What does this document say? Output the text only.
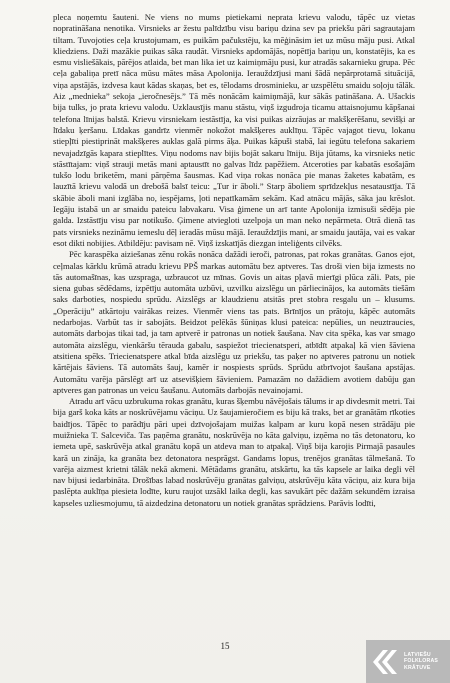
pleca noņemtu šauteni. Ne viens no mums pietiekami neprata krievu valodu, tāpēc uz vietas nopratināšana nenotika. Virsnieks ar žestu palīdzību visu bariņu dzina sev pa priekšu pāri sagrautajam tiltam. Tuvojoties ceļa krustojumam, es puikām pačukstēju, ka mēģināsim iet uz mūsu māju pusi. Atkal kliedziens. Daži mazākie puikas sāka raudāt. Virsnieks apdomājās, nopētīja bariņu un, konstatējis, ka es esmu visliešākais, pārējos atlaida, bet man lika iet uz kaimiņmāju pusi, kur atradās sakarnieku grupa. Pēc ceļa gabaliņa pretī nāca mūsu mātes māsa Apolonija. Ierauždzījusi mani šādā nepārprotamā situācijā, viņa apstājās, izdvesa kaut kādas skaņas, bet es, tēlodams drosminieku, ar uzspēlētu smaidu soļoju tālāk. Aiz „mednieka” sekoja „ieročnesējs.” Tā mēs nonācām kaimiņmājā, kur sākās patināšana. A. Ušackis bija tulks, jo prata krievu valodu. Uzklausījis manu stāstu, viņš izgudroja ticamu attaisnojumu kāpšanai telefona līnijas balstā. Krievu virsniekam iestāstīja, ka visi puikas aizrāujas ar makšķerēšanu, sevišķi ar līdaku ķeršanu. Līdakas gandrīz vienmēr nokožot makšķeres auklīņu. Tāpēc vajagot tievu, lokanu stiepļīti piestiprināt makšķeres auklas galā pirms āķa. Puikas kāpuši stabā, lai iegūtu telefona sakariem nevajadzīgās kapara stieplītes. Viņu nodoms nav bijis bojāt sakaru līniju. Bija jūtams, ka virsnieks netic stāstītajam: viņš strauji metās mani aptaustīt no galvas līdz papēžiem. Atceroties par kabatās esošajām tukšo lodu briketēm, mani pārņēma šausmas. Kad viņa rokas nonāca pie manas žaketes kabatām, es lauzītā krievu valodā un drebošā balsī teicu: „Tur ir āboli.” Starp āboliem sprīdzekļus nesataustīja. Tā skābie āboli mani izglāba no, iespējams, ļoti nepatīkamām sekām. Kad atnācu mājās, sāka jau krēslot. Iegāju istabā un ar smaidu pateicu labvakaru. Visa ģimene un arī tante Apolonija izmisuši sēdēja pie galda. Izstāstīju visu par notikušo. Ģimene atviegloti uzelpoja un man neko nepārmeta. Otrā dienā tas pats virsnieks nezināmu iemeslu dēļ ieradās mūsu mājā. Ierauždzījis mani, ar smaidu jautāja, vai es vakar esot dikti nobijies. Atbildēju: pavisam nē. Viņš izskatījās diezgan inteliģents cilvēks.

Pēc karaspēka aiziešanas zēnu rokās nonāca dažādi ieroči, patronas, pat rokas granātas. Ganos ejot, ceļmalas kārklu krūmā atradu krievu PPŠ markas automātu bez aptveres. Tas droši vien bija izmests no tās automašīnas, kas uzspraga, uzbraucot uz mīnas. Govis un aitas pļavā mierīgi plūca zāli. Pats, pie siena gubas sēdēdams, izpētīju automāta uzbūvi, uzvilku aizslēgu un pārliecinājos, ka automāts tiešām saks darboties, nospiedu sprūdu. Aizslēgs ar klaudzienu atsitās pret stobra resgalu un – klusums. „Operāciju” atkārtoju vairākas reizes. Vienmēr viens tas pats. Brīnījos un prātoju, kāpēc automāts nedarbojas. Varbūt tas ir sabojāts. Beidzot pelēkās šūniņas klusi pateica: nepūlies, un neuztraucies, automāts darbojas tikai tad, ja tam aptverē ir patronas un notiek šaušana. Nav cita spēka, kas var smago automāta aizslēgu, vienkāršu tērauda gabalu, saspiežot triecienatsperi, atbīdīt atpakaļ kā vien šāviena atsitiena spēks. Triecienatspere atkal bīda aizslēgu uz priekšu, tas paķer no aptveres patronu un notiek kārtējais šāviens. Tā automāts šauj, kamēr ir nospiests sprūds. Sprūdu atbrīvojot šaušana apstājas. Automātu varēja pārslēgt arī uz atsevišķiem šāvieniem. Pamazām no dažādiem avotiem dabūju gan aptveres gan patronas un veicu šaušanu. Automāts darbojās nevainojami.

Atradu arī vācu uzbrukuma rokas granātu, kuras šķembu nāvējošais tālums ir ap divdesmit metri. Tai bija garš koka kāts ar noskrūvējamu vāciņu. Uz šaujamieročiem es biju kā traks, bet ar granātām rīkoties baidījos. Tāpēc to parādīju pāri upei dzīvojošajam muižas kalpam ar kuru kopā nesen strādāju pie muižnieka T. Salceviča. Tas paņēma granātu, noskrūvēja no kāta galviņu, izņēma no tās detonatoru, ko iemeta upē, saskrūvēja atkal granātu kopā un atdeva man to atpakaļ. Viņš bija karojis Pirmajā pasaules karā un zināja, ka granāta bez detonatora nesprāgst. Gandams lopus, trenējos granātas tālmešanā. To varēja aizmest krietni tālāk nekā akmeni. Mētādams granātu, atskārtu, ka tās kapsele ar laika degli vēl nav bijusi iedarbināta. Drošības labad noskrūvēju granātas galviņu, atskrūvēju kāta vāciņu, aiz kura bija paslēpta auklīņa piesieta lodīte, kuru raujot uzsākl laika degli, kas savukārt pēc dažām sekundēm izraisa kapseles uzliesmojumu, tā aizdedzina detonatoru un notiek granātas sprādziens. Parāvis lodīti,

15
LATVIEŠU
FOLKLORAS
KRĀTUVE
